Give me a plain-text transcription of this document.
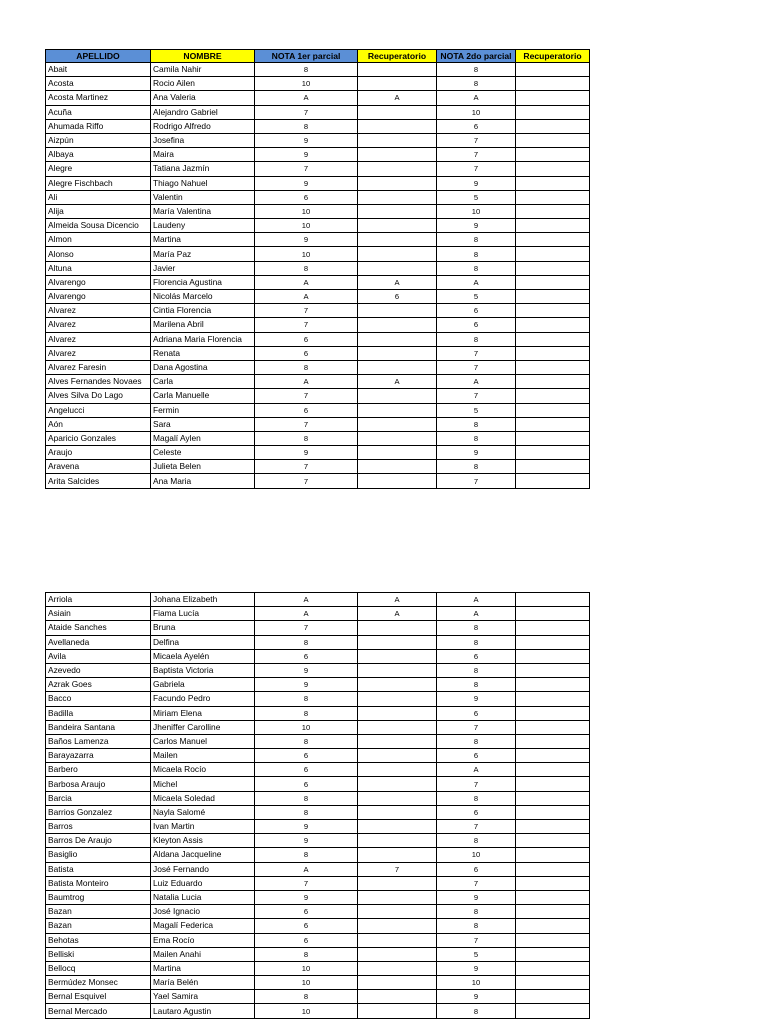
APELLIDO	NOMBRE	NOTA 1er parcial	Recuperatorio	NOTA 2do parcial	Recuperatorio
Abait	Camila Nahir	8		8	
Acosta	Rocio Ailen	10		8	
Acosta Martinez	Ana Valeria	A	A	A	
Acuña	Alejandro Gabriel	7		10	
Ahumada Riffo	Rodrigo Alfredo	8		6	
Aizpún	Josefina	9		7	
Albaya	Maira	9		7	
Alegre	Tatiana Jazmín	7		7	
Alegre Fischbach	Thiago Nahuel	9		9	
Ali	Valentin	6		5	
Alija	María Valentina	10		10	
Almeida Sousa Dicencio	Laudeny	10		9	
Almon	Martina	9		8	
Alonso	María Paz	10		8	
Altuna	Javier	8		8	
Alvarengo	Florencia Agustina	A	A	A	
Alvarengo	Nicolás Marcelo	A	6	5	
Alvarez	Cintia Florencia	7		6	
Alvarez	Marilena Abril	7		6	
Alvarez	Adriana Maria Florencia	6		8	
Alvarez	Renata	6		7	
Alvarez Faresin	Dana Agostina	8		7	
Alves Fernandes Novaes	Carla	A	A	A	
Alves Silva Do Lago	Carla Manuelle	7		7	
Angelucci	Fermin	6		5	
Aón	Sara	7		8	
Aparicio Gonzales	Magalí Aylen	8		8	
Araujo	Celeste	9		9	
Aravena	Julieta Belen	7		8	
Arita Salcides	Ana Maria	7		7	
Arriola	Johana Elizabeth	A	A	A	
Asiain	Fiama Lucía	A	A	A	
Ataide Sanches	Bruna	7		8	
Avellaneda	Delfina	8		8	
Avila	Micaela Ayelén	6		6	
Azevedo	Baptista Victoria	9		8	
Azrak Goes	Gabriela	9		8	
Bacco	Facundo Pedro	8		9	
Badilla	Miriam Elena	8		6	
Bandeira Santana	Jheniffer Carolline	10		7	
Baños Lamenza	Carlos Manuel	8		8	
Barayazarra	Mailen	6		6	
Barbero	Micaela Rocío	6		A	
Barbosa Araujo	Michel	6		7	
Barcia	Micaela Soledad	8		8	
Barrios Gonzalez	Nayla Salomé	8		6	
Barros	Ivan Martin	9		7	
Barros De Araujo	Kleyton Assis	9		8	
Basiglio	Aldana Jacqueline	8		10	
Batista	José Fernando	A	7	6	
Batista Monteiro	Luiz Eduardo	7		7	
Baumtrog	Natalia Lucia	9		9	
Bazan	José Ignacio	6		8	
Bazan	Magalí Federica	6		8	
Behotas	Ema Rocío	6		7	
Belliski	Mailen Anahi	8		5	
Bellocq	Martina	10		9	
Bermúdez Monsec	María Belén	10		10	
Bernal Esquivel	Yael Samira	8		9	
Bernal Mercado	Lautaro Agustin	10		8	
